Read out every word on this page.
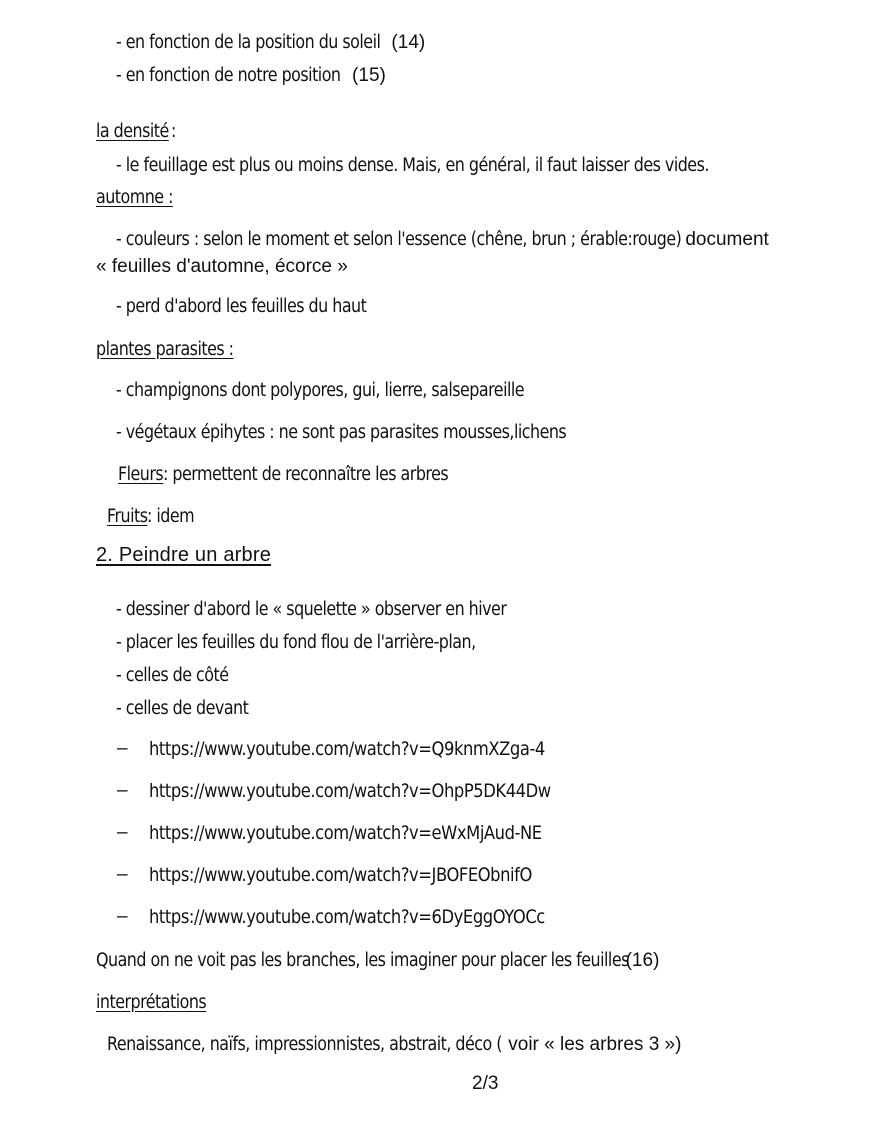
- en fonction de la position du soleil(14)
- en fonction de notre position(15)
la densité:
- le feuillage est plus ou moins dense. Mais, en général, il faut laisser des vides.
automne :
- couleurs : selon le moment et selon l'essence (chêne, brun ; érable:rouge)document
« feuilles d'automne, écorce »
- perd d'abord les feuilles du haut
plantes parasites :
- champignons dont polypores, gui, lierre, salsepareille
- végétaux épihytes : ne sont pas parasites mousses,lichens
Fleurs: permettent de reconnaître les arbres
Fruits: idem
2. Peindre un arbre
- dessiner d'abord le « squelette » observer en hiver
- placer les feuilles du fond flou de l'arrière-plan,
- celles de côté
- celles de devant
– https://www.youtube.com/watch?v=Q9knmXZga-4
– https://www.youtube.com/watch?v=OhpP5DK44Dw
– https://www.youtube.com/watch?v=eWxMjAud-NE
– https://www.youtube.com/watch?v=JBOFEObnifO
– https://www.youtube.com/watch?v=6DyEggOYOCc
Quand on ne voit pas les branches, les imaginer pour placer les feuilles(16)
interprétations
Renaissance, naïfs, impressionnistes, abstrait, déco ( voir « les arbres 3 »)
2/3
